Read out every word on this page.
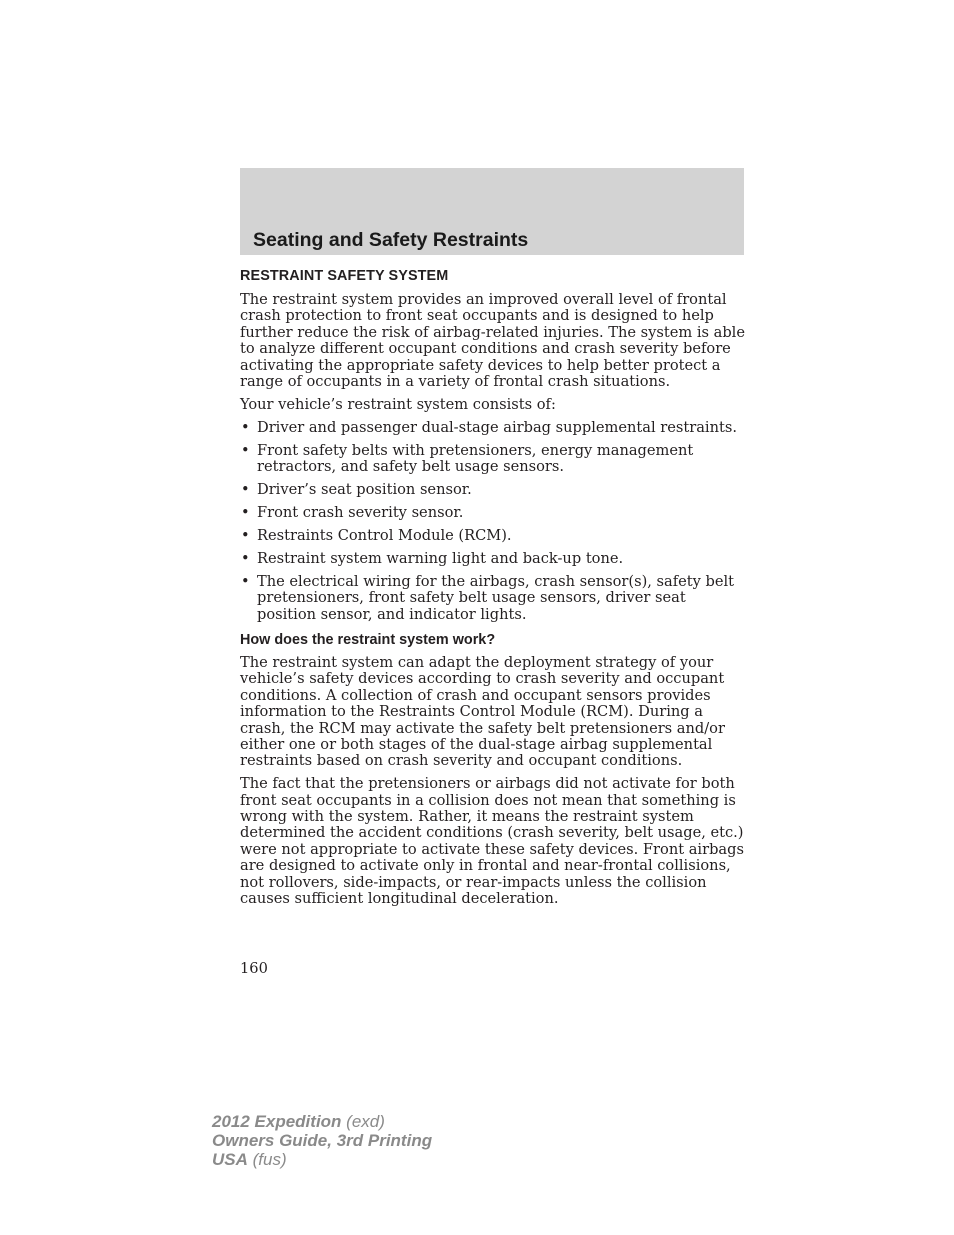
Seating and Safety Restraints
RESTRAINT SAFETY SYSTEM

The restraint system provides an improved overall level of frontal crash protection to front seat occupants and is designed to help further reduce the risk of airbag-related injuries. The system is able to analyze different occupant conditions and crash severity before activating the appropriate safety devices to help better protect a range of occupants in a variety of frontal crash situations.

Your vehicle’s restraint system consists of:

• Driver and passenger dual-stage airbag supplemental restraints.
• Front safety belts with pretensioners, energy management retractors, and safety belt usage sensors.
• Driver’s seat position sensor.
• Front crash severity sensor.
• Restraints Control Module (RCM).
• Restraint system warning light and back-up tone.
• The electrical wiring for the airbags, crash sensor(s), safety belt pretensioners, front safety belt usage sensors, driver seat position sensor, and indicator lights.
How does the restraint system work?

The restraint system can adapt the deployment strategy of your vehicle’s safety devices according to crash severity and occupant conditions. A collection of crash and occupant sensors provides information to the Restraints Control Module (RCM). During a crash, the RCM may activate the safety belt pretensioners and/or either one or both stages of the dual-stage airbag supplemental restraints based on crash severity and occupant conditions.

The fact that the pretensioners or airbags did not activate for both front seat occupants in a collision does not mean that something is wrong with the system. Rather, it means the restraint system determined the accident conditions (crash severity, belt usage, etc.) were not appropriate to activate these safety devices. Front airbags are designed to activate only in frontal and near-frontal collisions, not rollovers, side-impacts, or rear-impacts unless the collision causes sufficient longitudinal deceleration.

160
2012 Expedition (exd)
Owners Guide, 3rd Printing
USA (fus)
